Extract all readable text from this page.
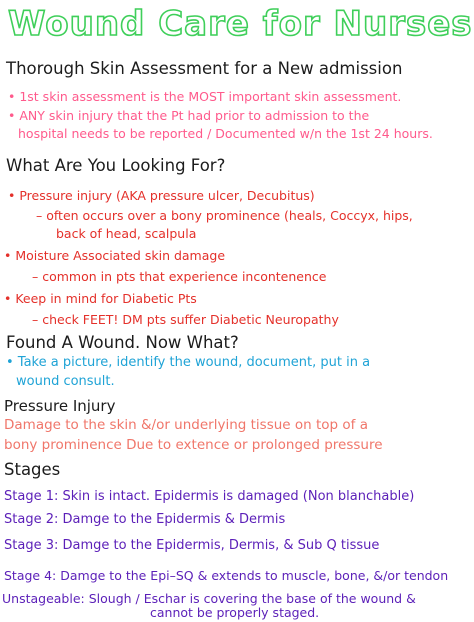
Wound Care for Nurses
Thorough Skin Assessment for a New admission
• 1st skin assessment is the MOST important skin assessment.
• ANY skin injury that the Pt had prior to admission to the
hospital needs to be reported / Documented w/n the 1st 24 hours.
What Are You Looking For?
• Pressure injury (AKA pressure ulcer, Decubitus)
– often occurs over a bony prominence (heals, Coccyx, hips,
back of head, scalpula
• Moisture Associated skin damage
– common in pts that experience incontenence
• Keep in mind for Diabetic Pts
– check FEET! DM pts suffer Diabetic Neuropathy
Found A Wound. Now What?
• Take a picture, identify the wound, document, put in a
wound consult.
Pressure Injury
Damage to the skin &/or underlying tissue on top of a
bony prominence Due to extence or prolonged pressure
Stages
Stage 1: Skin is intact. Epidermis is damaged (Non blanchable)
Stage 2: Damge to the Epidermis & Dermis
Stage 3: Damge to the Epidermis, Dermis, & Sub Q tissue
Stage 4: Damge to the Epi–SQ & extends to muscle, bone, &/or tendon
Unstageable: Slough / Eschar is covering the base of the wound &
cannot be properly staged.
